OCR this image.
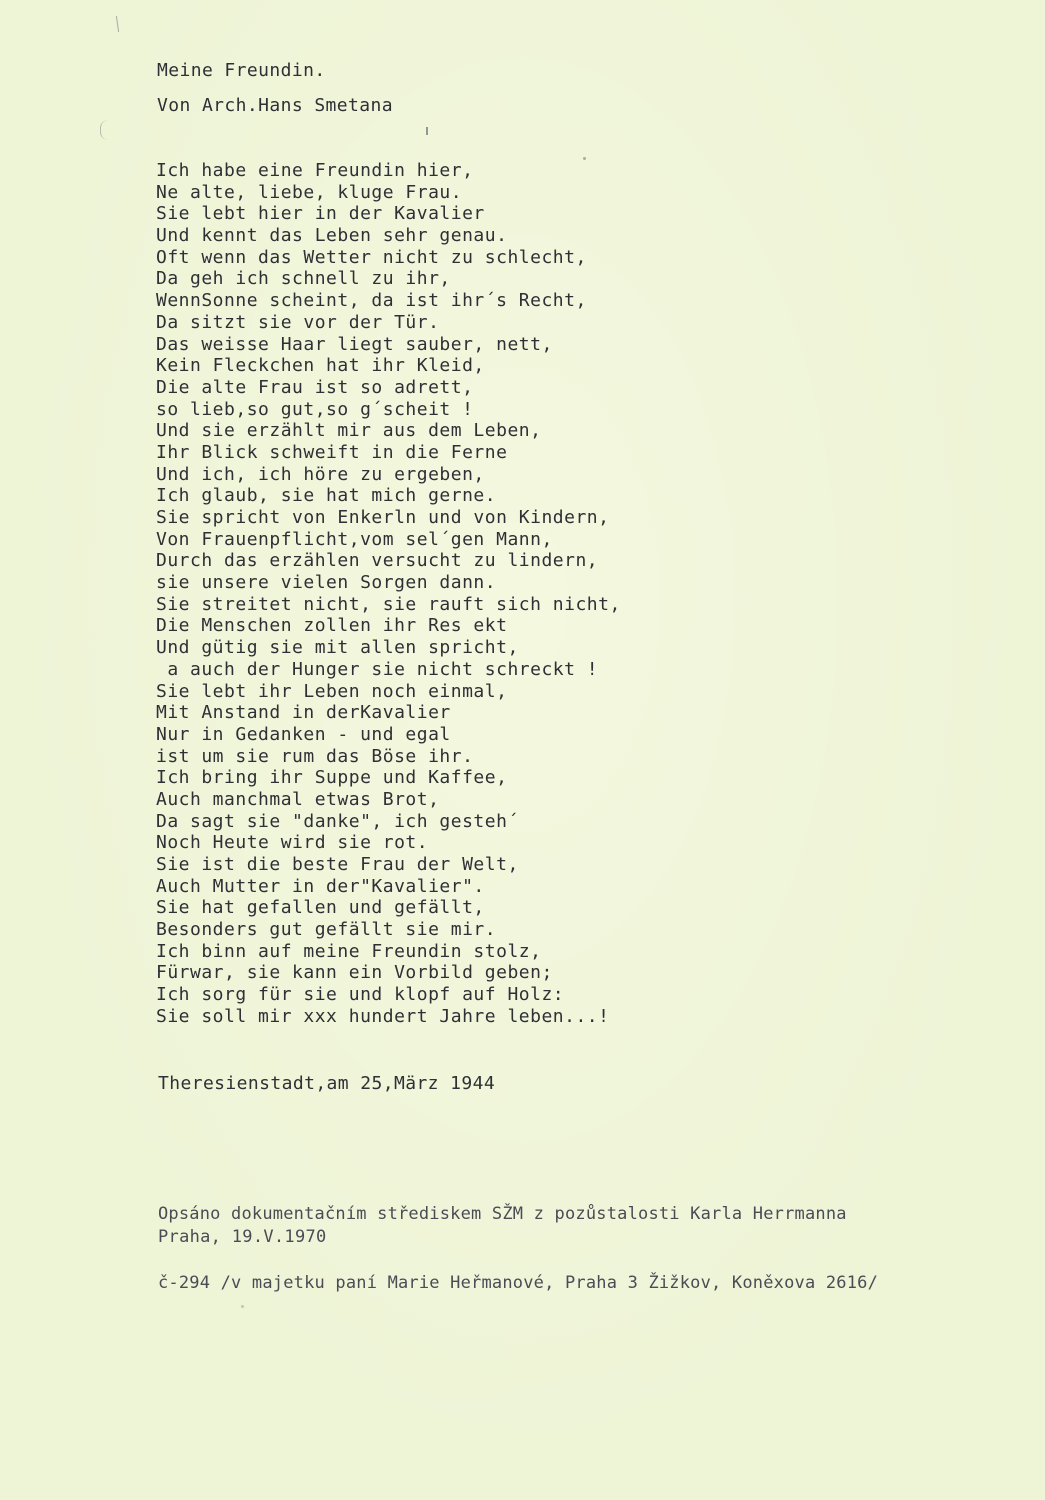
Meine Freundin.
Von Arch.Hans Smetana
Ich habe eine Freundin hier,
Ne alte, liebe, kluge Frau.
Sie lebt hier in der Kavalier
Und kennt das Leben sehr genau.
Oft wenn das Wetter nicht zu schlecht,
Da geh ich schnell zu ihr,
WennSonne scheint, da ist ihr´s Recht,
Da sitzt sie vor der Tür.
Das weisse Haar liegt sauber, nett,
Kein Fleckchen hat ihr Kleid,
Die alte Frau ist so adrett,
so lieb,so gut,so g´scheit !
Und sie erzählt mir aus dem Leben,
Ihr Blick schweift in die Ferne
Und ich, ich höre zu ergeben,
Ich glaub, sie hat mich gerne.
Sie spricht von Enkerln und von Kindern,
Von Frauenpflicht,vom sel´gen Mann,
Durch das erzählen versucht zu lindern,
sie unsere vielen Sorgen dann.
Sie streitet nicht, sie rauft sich nicht,
Die Menschen zollen ihr Res ekt
Und gütig sie mit allen spricht,
a auch der Hunger sie nicht schreckt !
Sie lebt ihr Leben noch einmal,
Mit Anstand in derKavalier
Nur in Gedanken - und egal
ist um sie rum das Böse ihr.
Ich bring ihr Suppe und Kaffee,
Auch manchmal etwas Brot,
Da sagt sie "danke", ich gesteh´
Noch Heute wird sie rot.
Sie ist die beste Frau der Welt,
Auch Mutter in der"Kavalier".
Sie hat gefallen und gefällt,
Besonders gut gefällt sie mir.
Ich binn auf meine Freundin stolz,
Fürwar, sie kann ein Vorbild geben;
Ich sorg für sie und klopf auf Holz:
Sie soll mir xxx hundert Jahre leben...!
Theresienstadt,am 25,März 1944

Opsáno dokumentačním střediskem SŽM z pozůstalosti Karla Herrmanna

č-294 /v majetku paní Marie Heřmanové, Praha 3 Žižkov, Koněxova 2616/

Praha, 19.V.1970
